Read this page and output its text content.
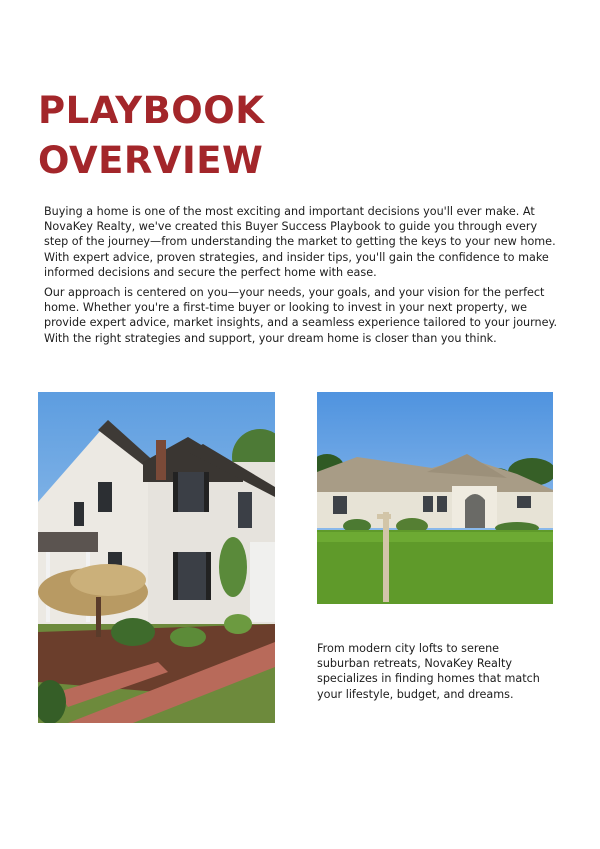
PLAYBOOK
OVERVIEW

Buying a home is one of the most exciting and important decisions you'll ever make. At NovaKey Realty, we've created this Buyer Success Playbook to guide you through every step of the journey—from understanding the market to getting the keys to your new home. With expert advice, proven strategies, and insider tips, you'll gain the confidence to make informed decisions and secure the perfect home with ease.

Our approach is centered on you—your needs, your goals, and your vision for the perfect home. Whether you're a first-time buyer or looking to invest in your next property, we provide expert advice, market insights, and a seamless experience tailored to your journey. With the right strategies and support, your dream home is closer than you think.

From modern city lofts to serene suburban retreats, NovaKey Realty specializes in finding homes that match your lifestyle, budget, and dreams.
